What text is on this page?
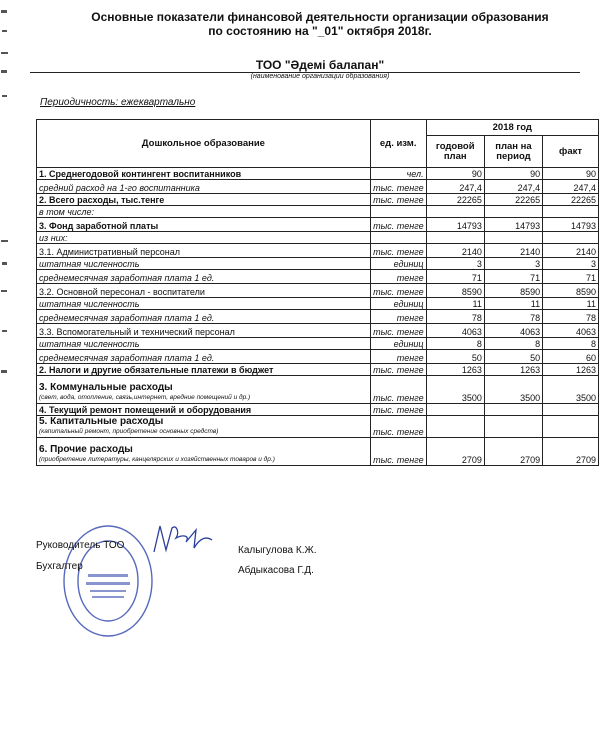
Основные показатели финансовой деятельности организации образования
по состоянию на "_01" октября 2018г.
ТОО "Әдемі балапан"
(наименование организации образования)
Периодичность: ежеквартально
Дошкольное образование	ед. изм.	2018 год		
		годовой план	план на период	факт
1. Среднегодовой контингент воспитанников	чел.	90	90	90
средний расход на 1-го воспитанника	тыс. тенге	247,4	247,4	247,4
2. Всего расходы, тыс.тенге	тыс. тенге	22265	22265	22265
в том числе:				
3. Фонд заработной платы	тыс. тенге	14793	14793	14793
из них:				
3.1. Административный персонал	тыс. тенге	2140	2140	2140
штатная численность	единиц	3	3	3
среднемесячная заработная плата 1 ед.	тенге	71	71	71
3.2. Основной пересонал - воспитатели	тыс. тенге	8590	8590	8590
штатная численность	единиц	11	11	11
среднемесячная заработная плата 1 ед.	тенге	78	78	78
3.3. Вспомогательный и технический персонал	тыс. тенге	4063	4063	4063
штатная численность	единиц	8	8	8
среднемесячная заработная плата 1 ед.	тенге	50	50	60
2. Налоги и другие обязательные платежи в бюджет	тыс. тенге	1263	1263	1263

3. Коммунальные расходы
(свет, вода, отопление, связь,интернет, вредние помещений и др.)	тыс. тенге	3500	3500	3500
4. Текущий ремонт помещений и оборудования	тыс. тенге			

5. Капитальные расходы
(капитальный ремонт, приобретение основных средств)	тыс. тенге			

6. Прочие расходы
(приобретение литературы, канцелярских и хозяйственных товаров и др.)	тыс. тенге	2709	2709	2709
Руководитель ТОО	Калыгулова К.Ж.
Бухгалтер	Абдыкасова Г.Д.
